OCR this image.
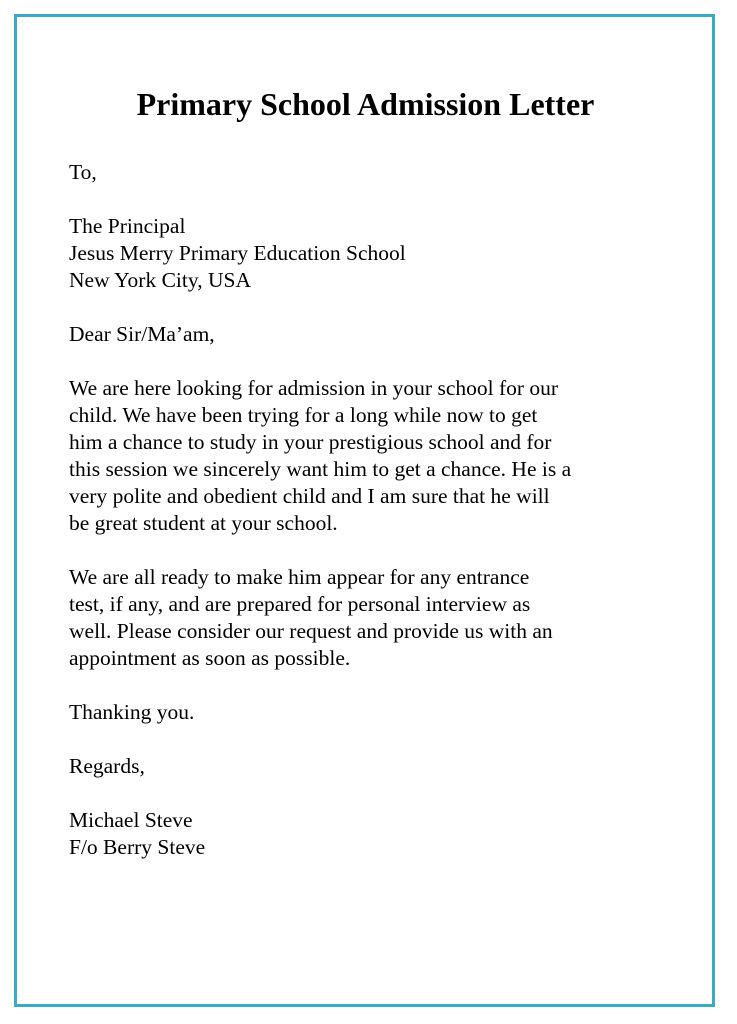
Primary School Admission Letter

To,

The Principal
Jesus Merry Primary Education School
New York City, USA

Dear Sir/Ma’am,

We are here looking for admission in your school for our
child. We have been trying for a long while now to get
him a chance to study in your prestigious school and for
this session we sincerely want him to get a chance. He is a
very polite and obedient child and I am sure that he will
be great student at your school.

We are all ready to make him appear for any entrance
test, if any, and are prepared for personal interview as
well. Please consider our request and provide us with an
appointment as soon as possible.

Thanking you.

Regards,

Michael Steve
F/o Berry Steve
